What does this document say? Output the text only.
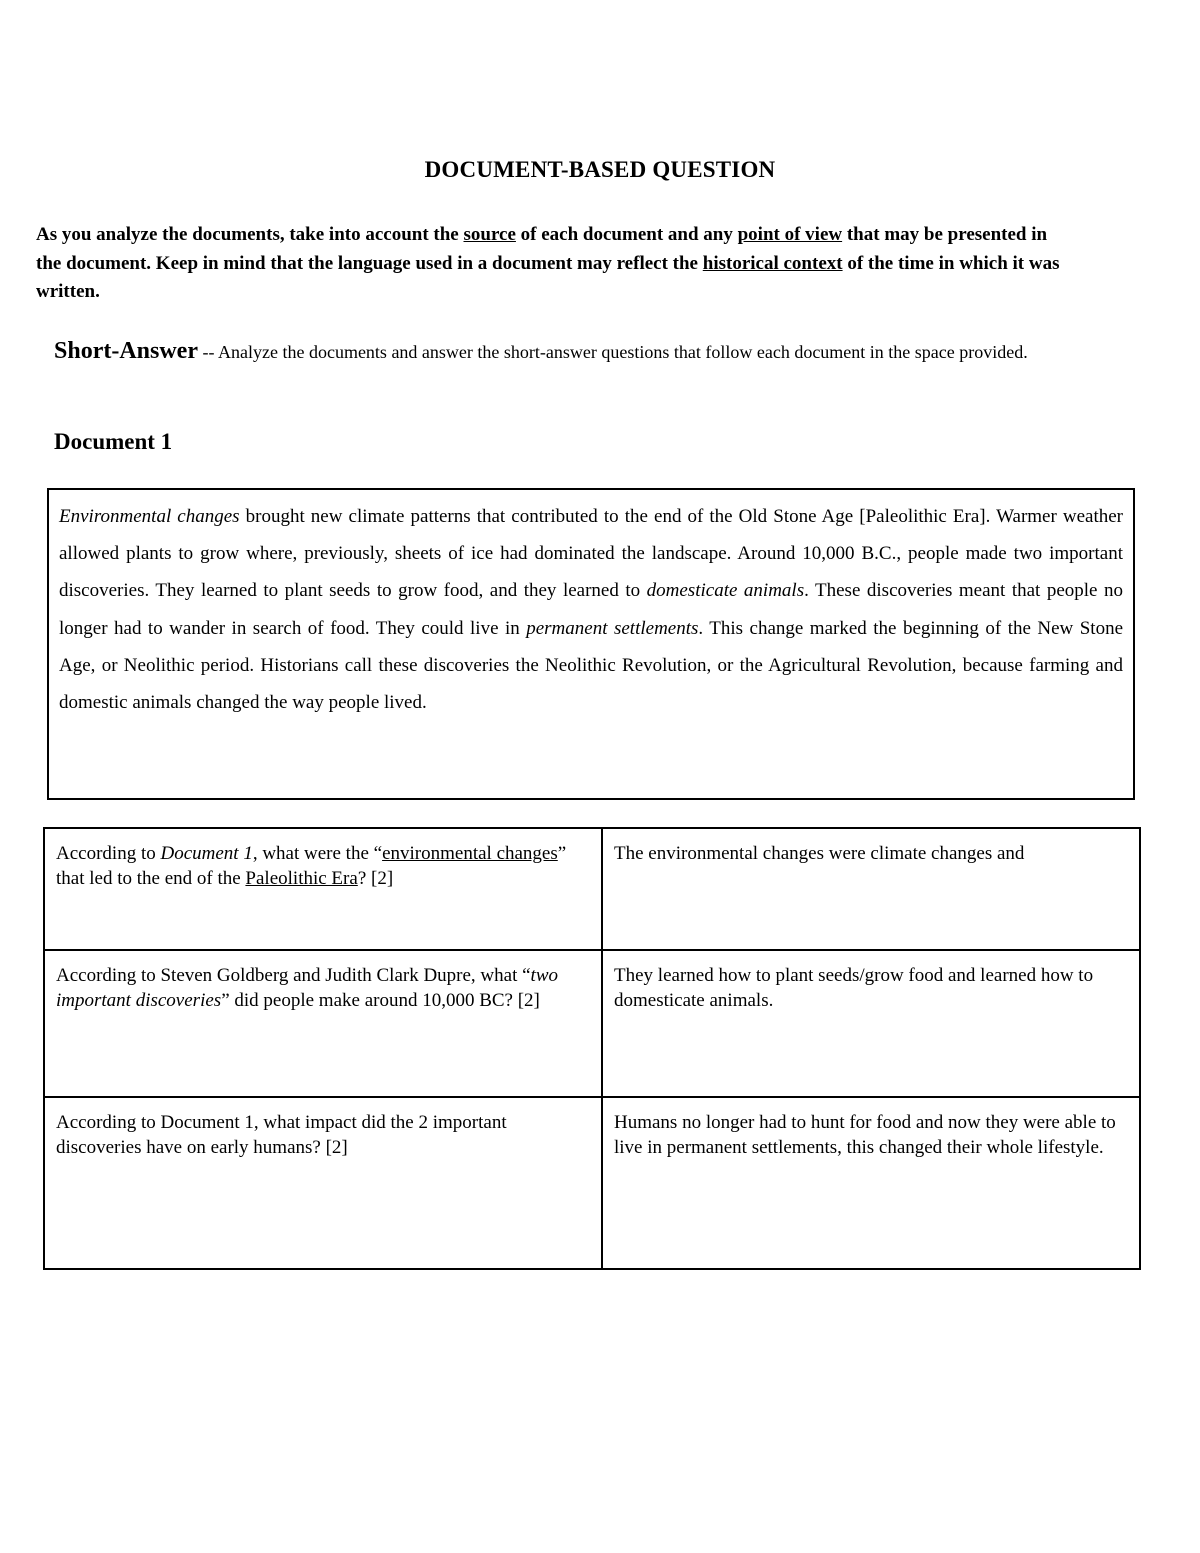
DOCUMENT-BASED QUESTION
As you analyze the documents, take into account the source of each document and any point of view that may be presented in the document. Keep in mind that the language used in a document may reflect the historical context of the time in which it was written.
Short-Answer -- Analyze the documents and answer the short-answer questions that follow each document in the space provided.
Document 1
Environmental changes brought new climate patterns that contributed to the end of the Old Stone Age [Paleolithic Era]. Warmer weather allowed plants to grow where, previously, sheets of ice had dominated the landscape. Around 10,000 B.C., people made two important discoveries. They learned to plant seeds to grow food, and they learned to domesticate animals. These discoveries meant that people no longer had to wander in search of food. They could live in permanent settlements. This change marked the beginning of the New Stone Age, or Neolithic period. Historians call these discoveries the Neolithic Revolution, or the Agricultural Revolution, because farming and domestic animals changed the way people lived.
According to Document 1, what were the “environmental changes” that led to the end of the Paleolithic Era? [2]	The environmental changes were climate changes and
According to Steven Goldberg and Judith Clark Dupre, what “two important discoveries” did people make around 10,000 BC? [2]	They learned how to plant seeds/grow food and learned how to domesticate animals.
According to Document 1, what impact did the 2 important discoveries have on early humans? [2]	Humans no longer had to hunt for food and now they were able to live in permanent settlements, this changed their whole lifestyle.
